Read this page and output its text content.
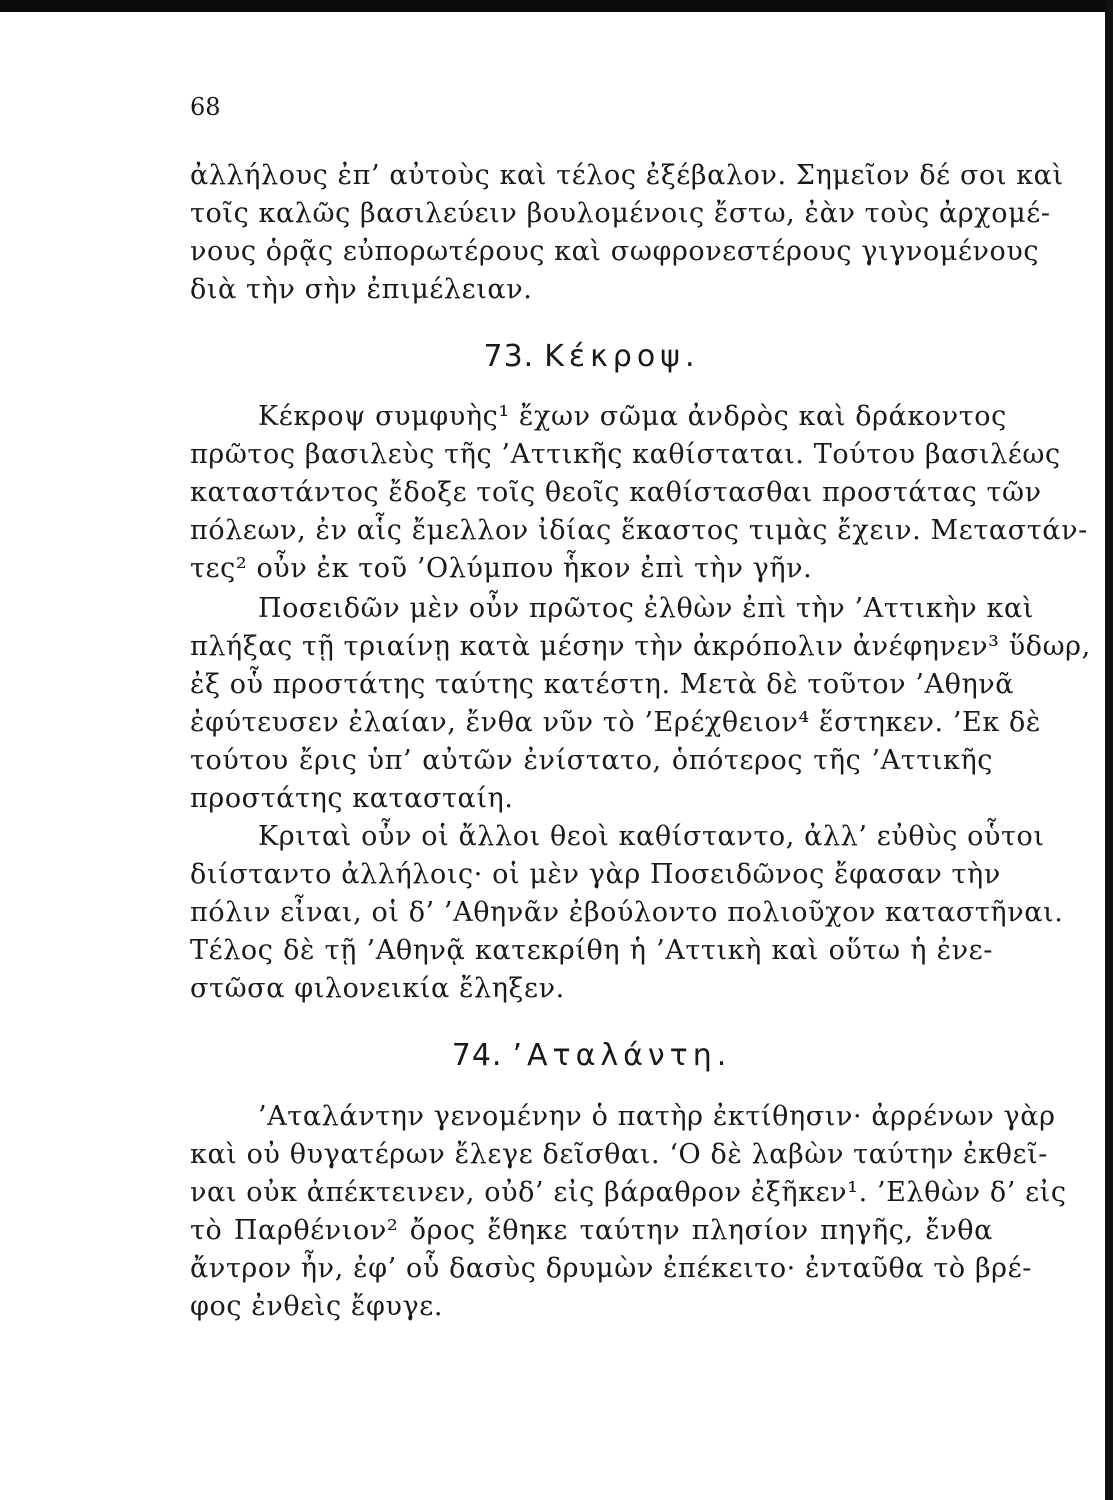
68
ἀλλήλους ἐπ’ αὐτοὺς καὶ τέλος ἐξέβαλον. Σημεῖον δέ σοι καὶ
τοῖς καλῶς βασιλεύειν βουλομένοις ἔστω, ἐὰν τοὺς ἀρχομέ-
νους ὁρᾷς εὐπορωτέρους καὶ σωφρονεστέρους γιγνομένους
διὰ τὴν σὴν ἐπιμέλειαν.
73. Κέκροψ.
Κέκροψ συμφυὴς¹ ἔχων σῶμα ἀνδρὸς καὶ δράκοντος
πρῶτος βασιλεὺς τῆς ’Αττικῆς καθίσταται. Τούτου βασιλέως
καταστάντος ἔδοξε τοῖς θεοῖς καθίστασθαι προστάτας τῶν
πόλεων, ἐν αἷς ἔμελλον ἰδίας ἕκαστος τιμὰς ἔχειν. Μεταστάν-
τες² οὖν ἐκ τοῦ ’Ολύμπου ἧκον ἐπὶ τὴν γῆν.
Ποσειδῶν μὲν οὖν πρῶτος ἐλθὼν ἐπὶ τὴν ’Αττικὴν καὶ
πλήξας τῇ τριαίνῃ κατὰ μέσην τὴν ἀκρόπολιν ἀνέφηνεν³ ὕδωρ,
ἐξ οὗ προστάτης ταύτης κατέστη. Μετὰ δὲ τοῦτον ’Αθηνᾶ
ἐφύτευσεν ἐλαίαν, ἔνθα νῦν τὸ ’Ερέχθειον⁴ ἕστηκεν. ’Εκ δὲ
τούτου ἔρις ὑπ’ αὐτῶν ἐνίστατο, ὁπότερος τῆς ’Αττικῆς
προστάτης κατασταίη.
Κριταὶ οὖν οἱ ἄλλοι θεοὶ καθίσταντο, ἀλλ’ εὐθὺς οὗτοι
διίσταντο ἀλλήλοις· οἱ μὲν γὰρ Ποσειδῶνος ἔφασαν τὴν
πόλιν εἶναι, οἱ δ’ ’Αθηνᾶν ἐβούλοντο πολιοῦχον καταστῆναι.
Τέλος δὲ τῇ ’Αθηνᾷ κατεκρίθη ἡ ’Αττικὴ καὶ οὕτω ἡ ἐνε-
στῶσα φιλονεικία ἔληξεν.
74. ’Αταλάντη.
’Αταλάντην γενομένην ὁ πατὴρ ἐκτίθησιν· ἀρρένων γὰρ
καὶ οὐ θυγατέρων ἔλεγε δεῖσθαι. ‘Ο δὲ λαβὼν ταύτην ἐκθεῖ-
ναι οὐκ ἀπέκτεινεν, οὐδ’ εἰς βάραθρον ἐξῆκεν¹. ’Ελθὼν δ’ εἰς
τὸ Παρθένιον² ὄρος ἔθηκε ταύτην πλησίον πηγῆς, ἔνθα
ἄντρον ἦν, ἐφ’ οὗ δασὺς δρυμὼν ἐπέκειτο· ἐνταῦθα τὸ βρέ-
φος ἐνθεὶς ἔφυγε.
